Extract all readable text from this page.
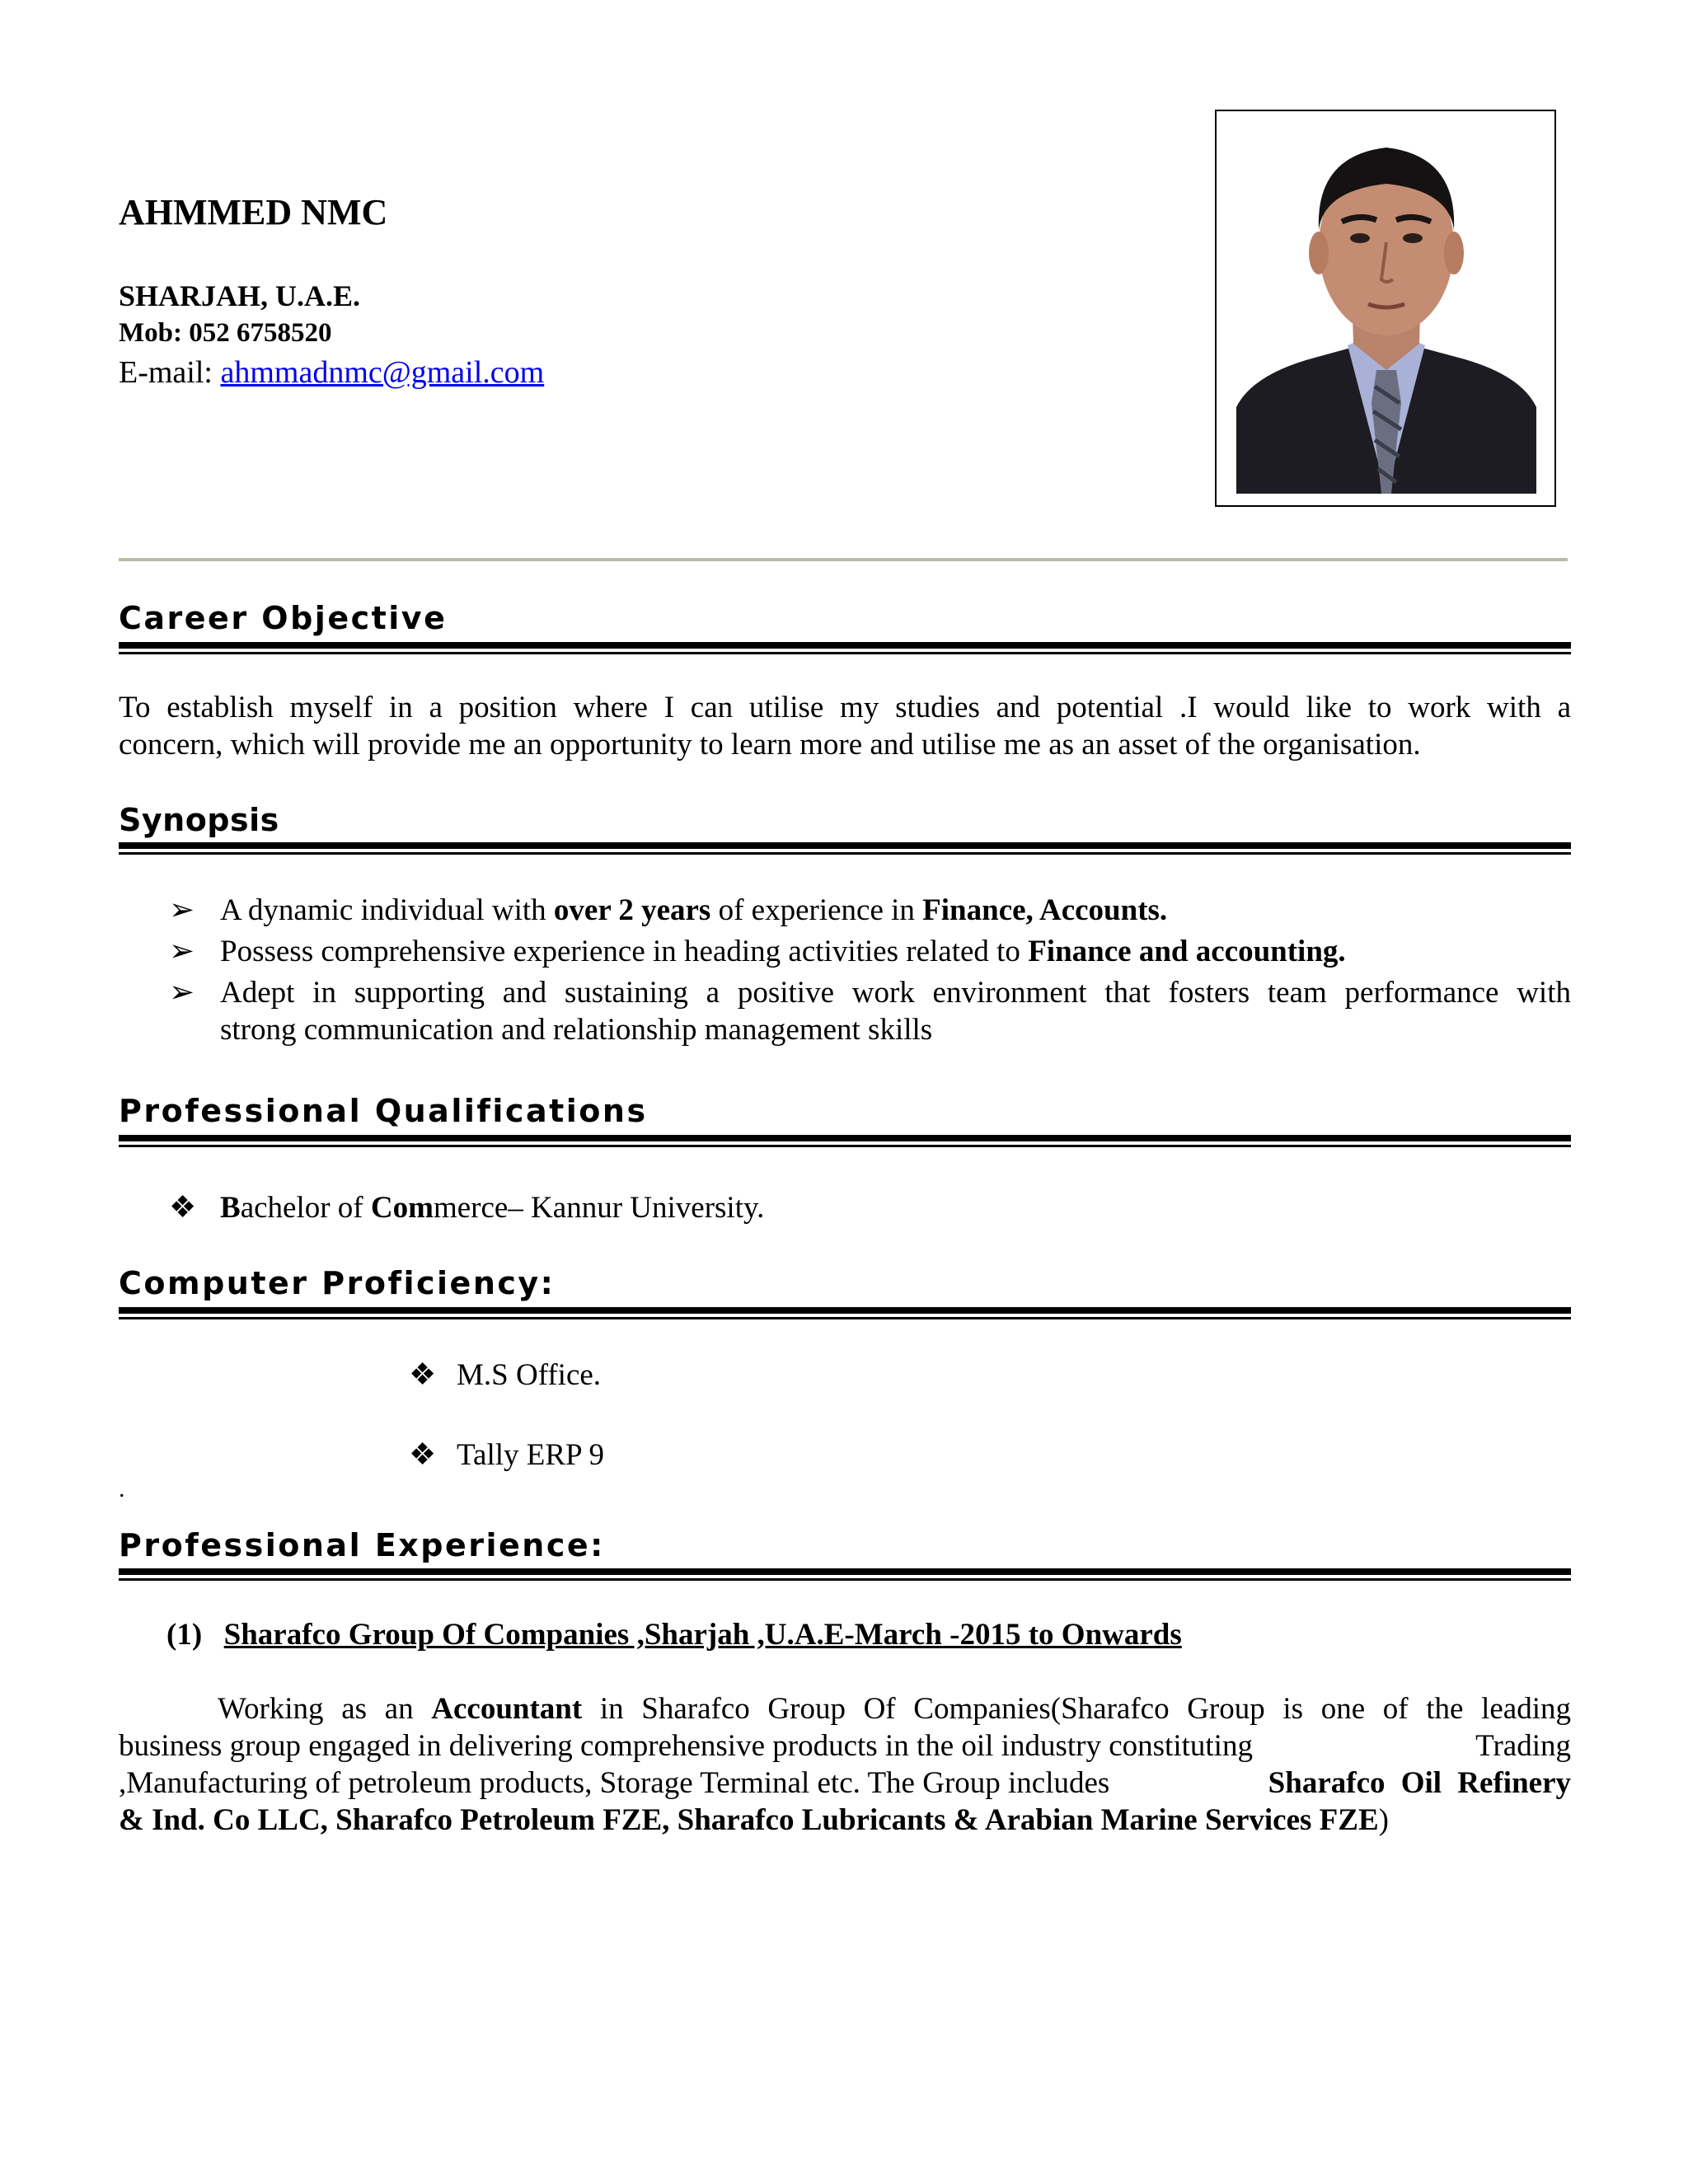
AHMMED NMC
SHARJAH, U.A.E.
Mob: 052 6758520
E-mail: ahmmadnmc@gmail.com
Career Objective
To establish myself in a position where I can utilise my studies and potential .I would like to work with a
concern, which will provide me an opportunity to learn more and utilise me as an asset of the organisation.
Synopsis
➢ A dynamic individual with over 2 years of experience in Finance, Accounts.
➢ Possess comprehensive experience in heading activities related to Finance and accounting.
➢ Adept in supporting and sustaining a positive work environment that fosters team performance with
strong communication and relationship management skills
Professional Qualifications
❖ Bachelor of Commerce– Kannur University.
Computer Proficiency:
❖ M.S Office.
❖ Tally ERP 9
.
Professional Experience:
(1) Sharafco Group Of Companies ,Sharjah ,U.A.E-March -2015 to Onwards
Working as an Accountant in Sharafco Group Of Companies(Sharafco Group is one of the leading
business group engaged in delivering comprehensive products in the oil industry constituting	Trading
,Manufacturing of petroleum products, Storage Terminal etc. The Group includes	Sharafco Oil Refinery
& Ind. Co LLC, Sharafco Petroleum FZE, Sharafco Lubricants & Arabian Marine Services FZE)
